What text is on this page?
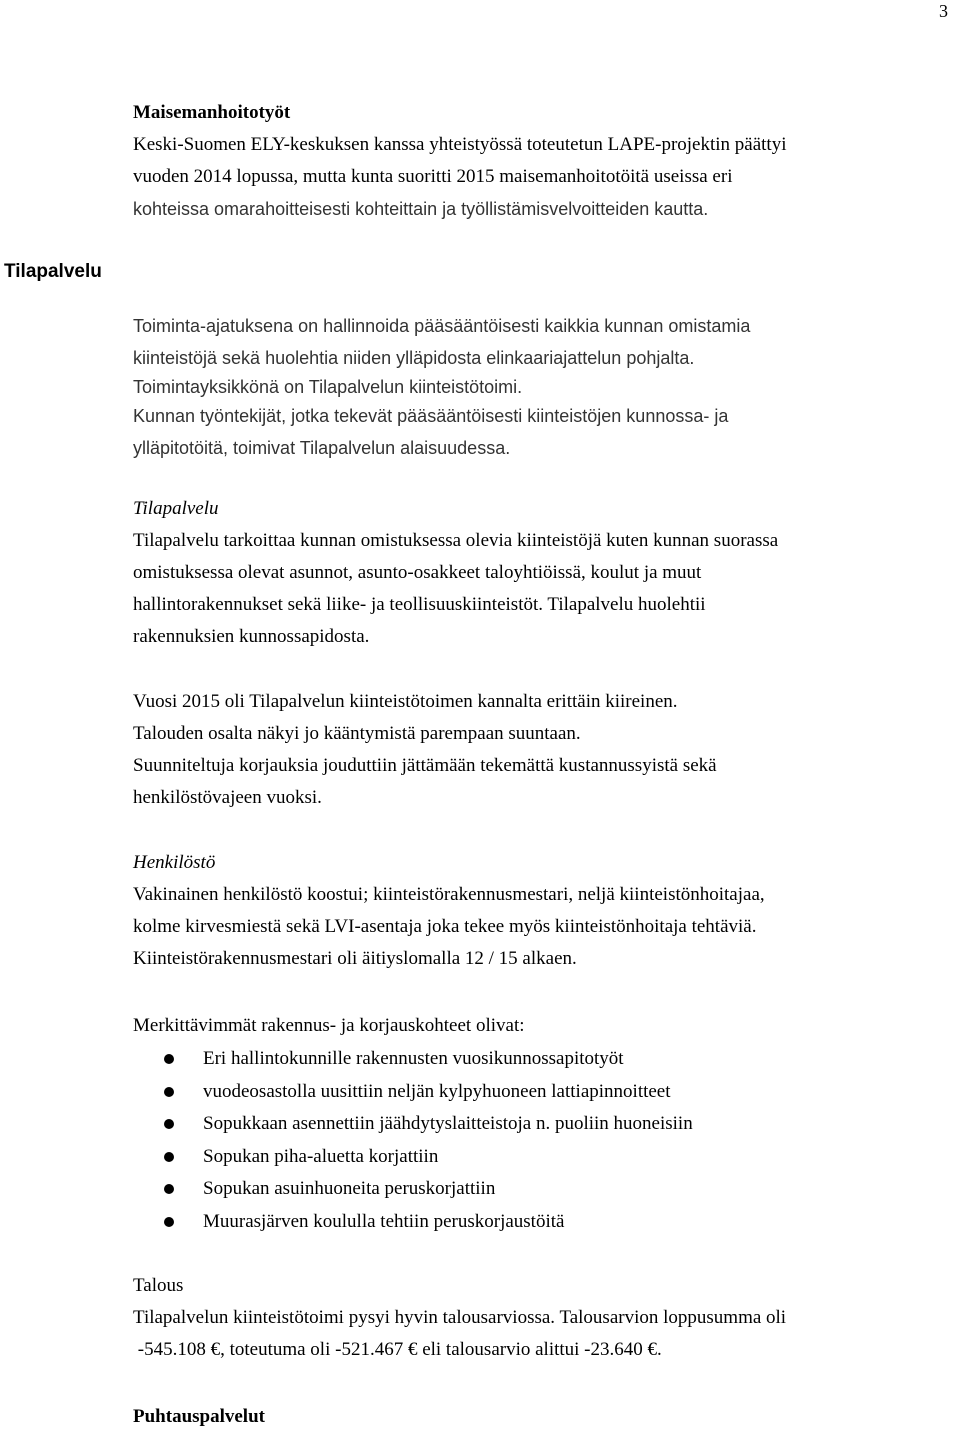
3

Maisemanhoitotyöt

Keski-Suomen ELY-keskuksen kanssa yhteistyössä toteutetun LAPE-projektin päättyi

vuoden 2014 lopussa, mutta kunta suoritti 2015 maisemanhoitotöitä useissa eri

kohteissa omarahoitteisesti kohteittain ja työllistämisvelvoitteiden kautta.

Tilapalvelu

Toiminta-ajatuksena on hallinnoida pääsääntöisesti kaikkia kunnan omistamia

kiinteistöjä sekä huolehtia niiden ylläpidosta elinkaariajattelun pohjalta.

Toimintayksikkönä on Tilapalvelun kiinteistötoimi.

Kunnan työntekijät, jotka tekevät pääsääntöisesti kiinteistöjen kunnossa- ja

ylläpitotöitä, toimivat Tilapalvelun alaisuudessa.

Tilapalvelu

Tilapalvelu tarkoittaa kunnan omistuksessa olevia kiinteistöjä kuten kunnan suorassa

omistuksessa olevat asunnot, asunto-osakkeet taloyhtiöissä, koulut ja muut

hallintorakennukset sekä liike- ja teollisuuskiinteistöt. Tilapalvelu huolehtii

rakennuksien kunnossapidosta.

Vuosi 2015 oli Tilapalvelun kiinteistötoimen kannalta erittäin kiireinen.

Talouden osalta näkyi jo kääntymistä parempaan suuntaan.

Suunniteltuja korjauksia jouduttiin jättämään tekemättä kustannussyistä sekä

henkilöstövajeen vuoksi.

Henkilöstö

Vakinainen henkilöstö koostui; kiinteistörakennusmestari, neljä kiinteistönhoitajaa,

kolme kirvesmiestä sekä LVI-asentaja joka tekee myös kiinteistönhoitaja tehtäviä.

Kiinteistörakennusmestari oli äitiyslomalla 12 / 15 alkaen.

Merkittävimmät rakennus- ja korjauskohteet olivat:

Eri hallintokunnille rakennusten vuosikunnossapitotyöt
vuodeosastolla uusittiin neljän kylpyhuoneen lattiapinnoitteet
Sopukkaan asennettiin jäähdytyslaitteistoja n. puoliin huoneisiin
Sopukan piha-aluetta korjattiin
Sopukan asuinhuoneita peruskorjattiin
Muurasjärven koululla tehtiin peruskorjaustöitä

Talous

Tilapalvelun kiinteistötoimi pysyi hyvin talousarviossa. Talousarvion loppusumma oli

-545.108 €, toteutuma oli -521.467 € eli talousarvio alittui -23.640 €.

Puhtauspalvelut
